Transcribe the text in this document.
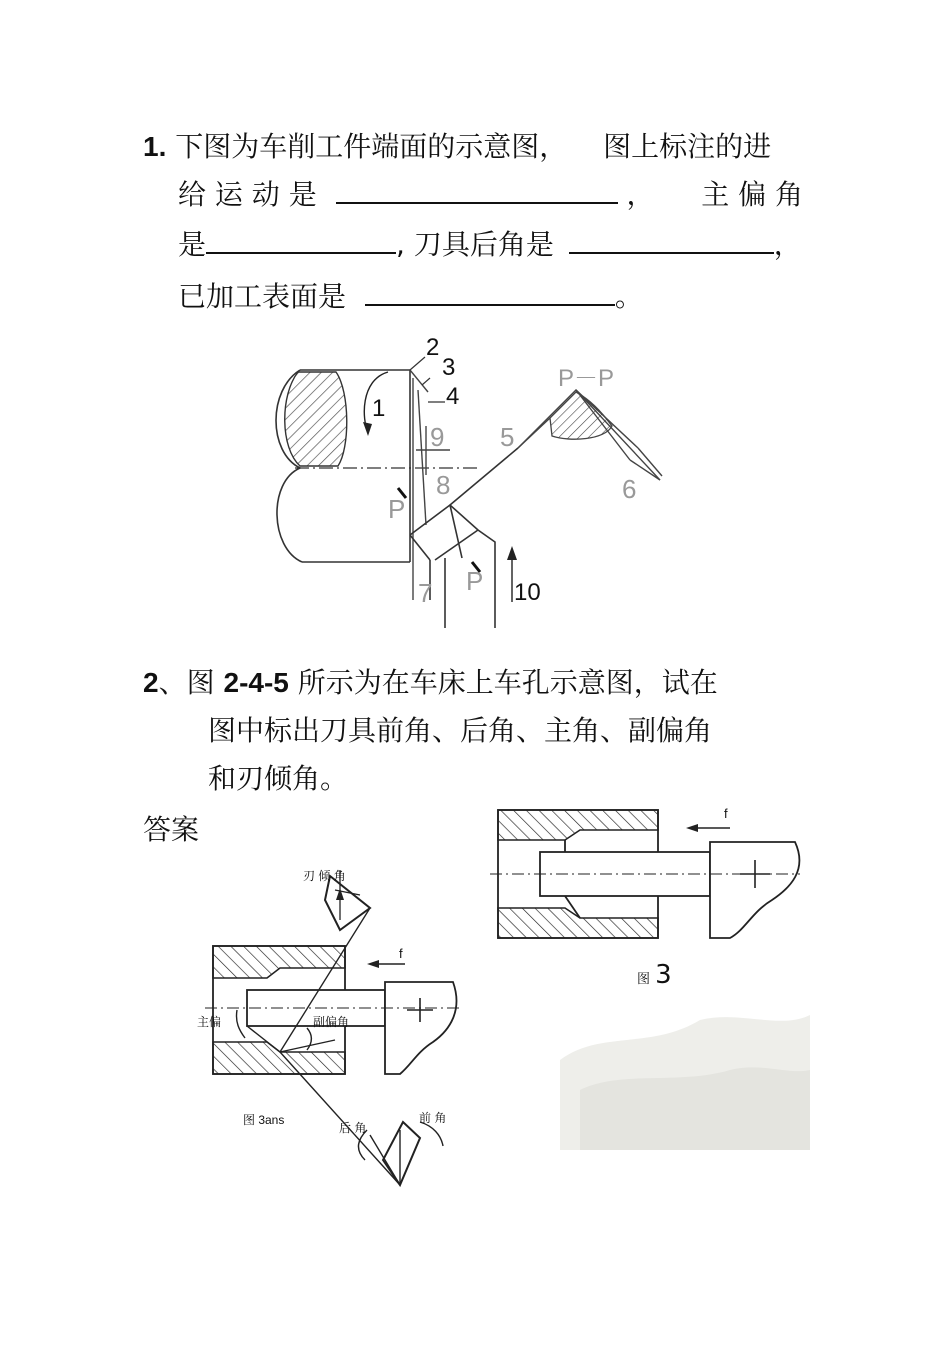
1. 下图为车削工件端面的示意图， 图上标注的进
给 运 动 是	， 主 偏 角
是	, 刀具后角是	，
已加工表面是	。
2
3
4
1
9 5
8	6
P
P
7	10
P－P
2、图 2-4-5 所示为在车床上车孔示意图，试在
图中标出刀具前角、后角、主角、副偏角
和刃倾角。
答案	f
图 3
f
刃 倾 角
主偏	副偏角
图 3ans
后 角
前 角
